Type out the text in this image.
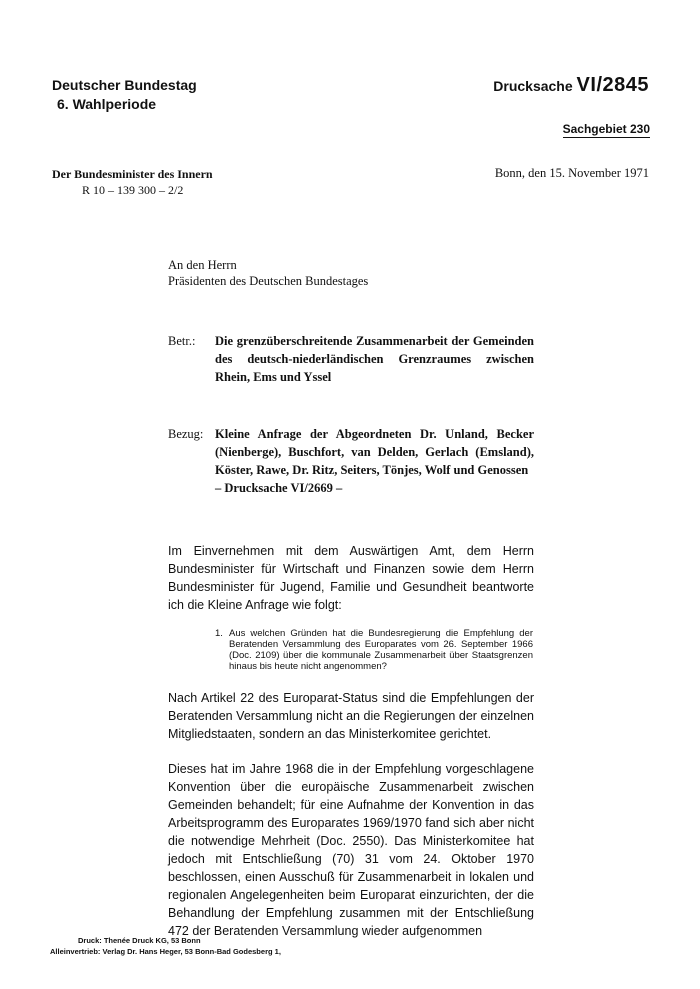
Deutscher Bundestag
6. Wahlperiode
Drucksache VI/2845
Sachgebiet 230
Der Bundesminister des Innern
R 10 – 139 300 – 2/2
Bonn, den 15. November 1971
An den Herrn
Präsidenten des Deutschen Bundestages
Betr.: Die grenzüberschreitende Zusammenarbeit der Gemeinden des deutsch-niederländischen Grenzraumes zwischen Rhein, Ems und Yssel
Bezug: Kleine Anfrage der Abgeordneten Dr. Unland, Becker (Nienberge), Buschfort, van Delden, Gerlach (Emsland), Köster, Rawe, Dr. Ritz, Seiters, Tönjes, Wolf und Genossen
– Drucksache VI/2669 –
Im Einvernehmen mit dem Auswärtigen Amt, dem Herrn Bundesminister für Wirtschaft und Finanzen sowie dem Herrn Bundesminister für Jugend, Familie und Gesundheit beantworte ich die Kleine Anfrage wie folgt:
1. Aus welchen Gründen hat die Bundesregierung die Empfehlung der Beratenden Versammlung des Europarates vom 26. September 1966 (Doc. 2109) über die kommunale Zusammenarbeit über Staatsgrenzen hinaus bis heute nicht angenommen?
Nach Artikel 22 des Europarat-Status sind die Empfehlungen der Beratenden Versammlung nicht an die Regierungen der einzelnen Mitgliedstaaten, sondern an das Ministerkomitee gerichtet.
Dieses hat im Jahre 1968 die in der Empfehlung vorgeschlagene Konvention über die europäische Zusammenarbeit zwischen Gemeinden behandelt; für eine Aufnahme der Konvention in das Arbeitsprogramm des Europarates 1969/1970 fand sich aber nicht die notwendige Mehrheit (Doc. 2550). Das Ministerkomitee hat jedoch mit Entschließung (70) 31 vom 24. Oktober 1970 beschlossen, einen Ausschuß für Zusammenarbeit in lokalen und regionalen Angelegenheiten beim Europarat einzurichten, der die Behandlung der Empfehlung zusammen mit der Entschließung 472 der Beratenden Versammlung wieder aufgenommen
Druck: Thenée Druck KG, 53 Bonn
Alleinvertrieb: Verlag Dr. Hans Heger, 53 Bonn-Bad Godesberg 1,
